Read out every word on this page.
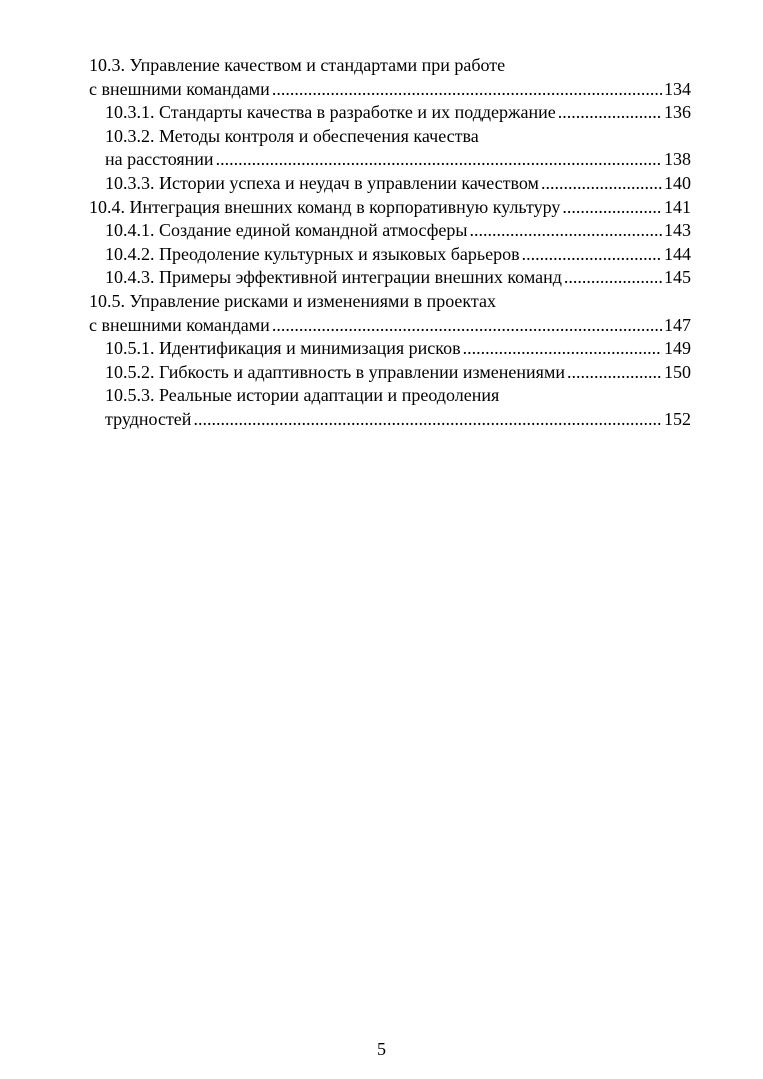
10.3. Управление качеством и стандартами при работе
с внешними командами .....	134
10.3.1. Стандарты качества в разработке и их поддержание .....	136
10.3.2. Методы контроля и обеспечения качества
на расстоянии .....	138
10.3.3. Истории успеха и неудач в управлении качеством .....	140
10.4. Интеграция внешних команд в корпоративную культуру .....	141
10.4.1. Создание единой командной атмосферы .....	143
10.4.2. Преодоление культурных и языковых барьеров .....	144
10.4.3. Примеры эффективной интеграции внешних команд .....	145
10.5. Управление рисками и изменениями в проектах
с внешними командами .....	147
10.5.1. Идентификация и минимизация рисков .....	149
10.5.2. Гибкость и адаптивность в управлении изменениями .....	150
10.5.3. Реальные истории адаптации и преодоления
трудностей .....	152
5
